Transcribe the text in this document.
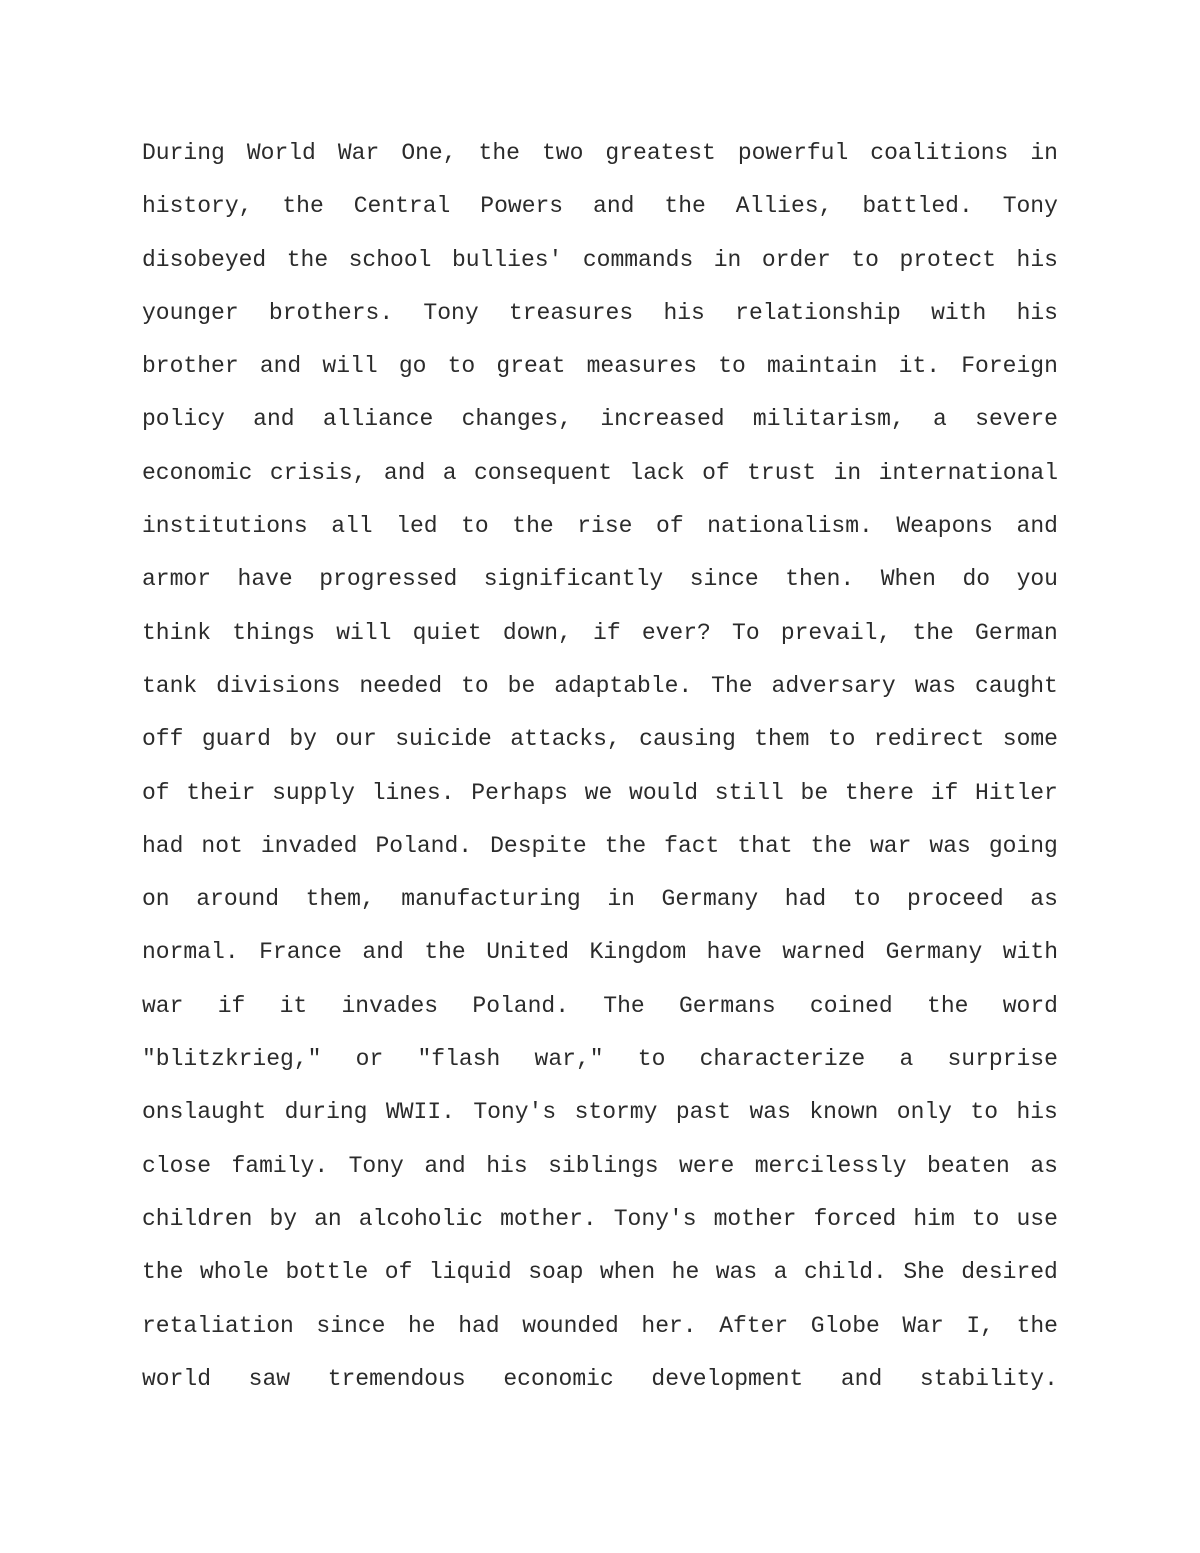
During World War One, the two greatest powerful coalitions in
history, the Central Powers and the Allies, battled. Tony
disobeyed the school bullies' commands in order to protect his
younger brothers. Tony treasures his relationship with his
brother and will go to great measures to maintain it. Foreign
policy and alliance changes, increased militarism, a severe
economic crisis, and a consequent lack of trust in international
institutions all led to the rise of nationalism. Weapons and
armor have progressed significantly since then. When do you
think things will quiet down, if ever? To prevail, the German
tank divisions needed to be adaptable. The adversary was caught
off guard by our suicide attacks, causing them to redirect some
of their supply lines. Perhaps we would still be there if Hitler
had not invaded Poland. Despite the fact that the war was going
on around them, manufacturing in Germany had to proceed as
normal. France and the United Kingdom have warned Germany with
war if it invades Poland. The Germans coined the word
"blitzkrieg," or "flash war," to characterize a surprise
onslaught during WWII. Tony's stormy past was known only to his
close family. Tony and his siblings were mercilessly beaten as
children by an alcoholic mother. Tony's mother forced him to use
the whole bottle of liquid soap when he was a child. She desired
retaliation since he had wounded her. After Globe War I, the
world saw tremendous economic development and stability.
